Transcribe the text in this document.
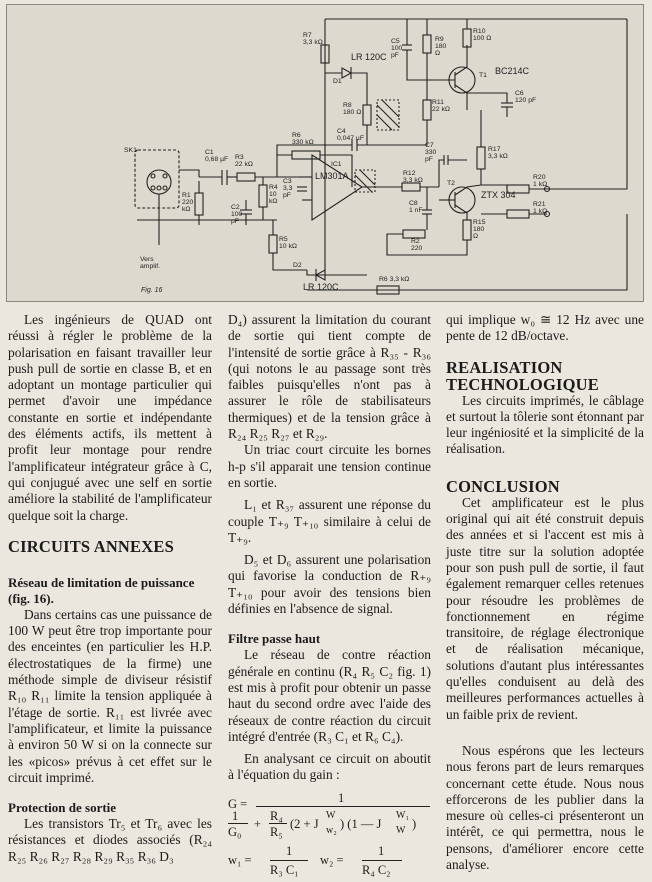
SK1
Vers
amplif.
C1
0,68 µF
R1
220
kΩ
R3
22 kΩ
R4
10
kΩ
C2
100
pF
C3
3,3
pF
R5
10 kΩ
R6
330 kΩ
C4
0,047 µF
IC1
LM301A
R7
3,3 kΩ
D1
LR 120C
R8
180 Ω
C5
100
pF
R9
180
Ω
R10
100 Ω
T1 BC214C
R11
22 kΩ
C6
120 pF
C7
330
pF
R17
3,3 kΩ
R12
3,3 kΩ	T2
ZTX 304
R20
1 kΩ
R21
1 kΩ
C8
1 nF
R15
180
Ω
R2
220
D2
LR 120C
R6 3,3 kΩ
Fig. 16

Les ingénieurs de QUAD ont réussi à régler le problème de la polarisation en faisant travailler leur push pull de sortie en classe B, et en adoptant un montage particulier qui permet d'avoir une impédance constante en sortie et indépendante des éléments actifs, ils mettent à profit leur montage pour rendre l'amplificateur intégrateur grâce à C, qui conjugué avec une self en sortie améliore la stabilité de l'amplificateur quelque soit la charge.

CIRCUITS ANNEXES

Réseau de limitation de puissance (fig. 16).

Dans certains cas une puissance de 100 W peut être trop importante pour des enceintes (en particulier les H.P. électrostatiques de la firme) une méthode simple de diviseur résistif R₁₀ R₁₁ limite la tension appliquée à l'étage de sortie. R₁₁ est livrée avec l'amplificateur, et limite la puissance à environ 50 W si on la connecte sur les «picos» prévus à cet effet sur le circuit imprimé.

Protection de sortie

Les transistors Tr₅ et Tr₆ avec les résistances et diodes associés (R₂₄ R₂₅ R₂₆ R₂₇ R₂₈ R₂₉ R₃₅ R₃₆ D₃

D₄) assurent la limitation du courant de sortie qui tient compte de l'intensité de sortie grâce à R₃₅ - R₃₆ (qui notons le au passage sont très faibles puisqu'elles n'ont pas à assurer le rôle de stabilisateurs thermiques) et de la tension grâce à R₂₄ R₂₅ R₂₇ et R₂₉.

Un triac court circuite les bornes h-p s'il apparait une tension continue en sortie.

L₁ et R₃₇ assurent une réponse du couple T₊₉ T₊₁₀ similaire à celui de T₊₉.

D₅ et D₆ assurent une polarisation qui favorise la conduction de R₊₉ T₊₁₀ pour avoir des tensions bien définies en l'absence de signal.

Filtre passe haut

Le réseau de contre réaction générale en continu (R₄ R₅ C₂ fig. 1) est mis à profit pour obtenir un passe haut du second ordre avec l'aide des réseaux de contre réaction du circuit intégré d'entrée (R₃ C₁ et R₆ C₄).

En analysant ce circuit on aboutit à l'équation du gain :

G =	1
1
G₀
+
R₄
R₅
(2 + J
W
w₂ ) (1 — J
W₁
W )
w₁ =
1
R₃ C₁
w₂ =
1
R₄ C₂

qui implique w₀ ≅ 12 Hz avec une pente de 12 dB/octave.

REALISATION TECHNOLOGIQUE

Les circuits imprimés, le câblage et surtout la tôlerie sont étonnant par leur ingéniosité et la simplicité de la réalisation.

CONCLUSION

Cet amplificateur est le plus original qui ait été construit depuis des années et si l'accent est mis à juste titre sur la solution adoptée pour son push pull de sortie, il faut également remarquer celles retenues pour résoudre les problèmes de fonctionnement en régime transitoire, de réglage électronique et de réalisation mécanique, solutions d'autant plus intéressantes qu'elles conduisent au delà des meilleures performances actuelles à un faible prix de revient.

Nous espérons que les lecteurs nous ferons part de leurs remarques concernant cette étude. Nous nous efforcerons de les publier dans la mesure où celles-ci présenteront un intérêt, ce qui permettra, nous le pensons, d'améliorer encore cette analyse.
